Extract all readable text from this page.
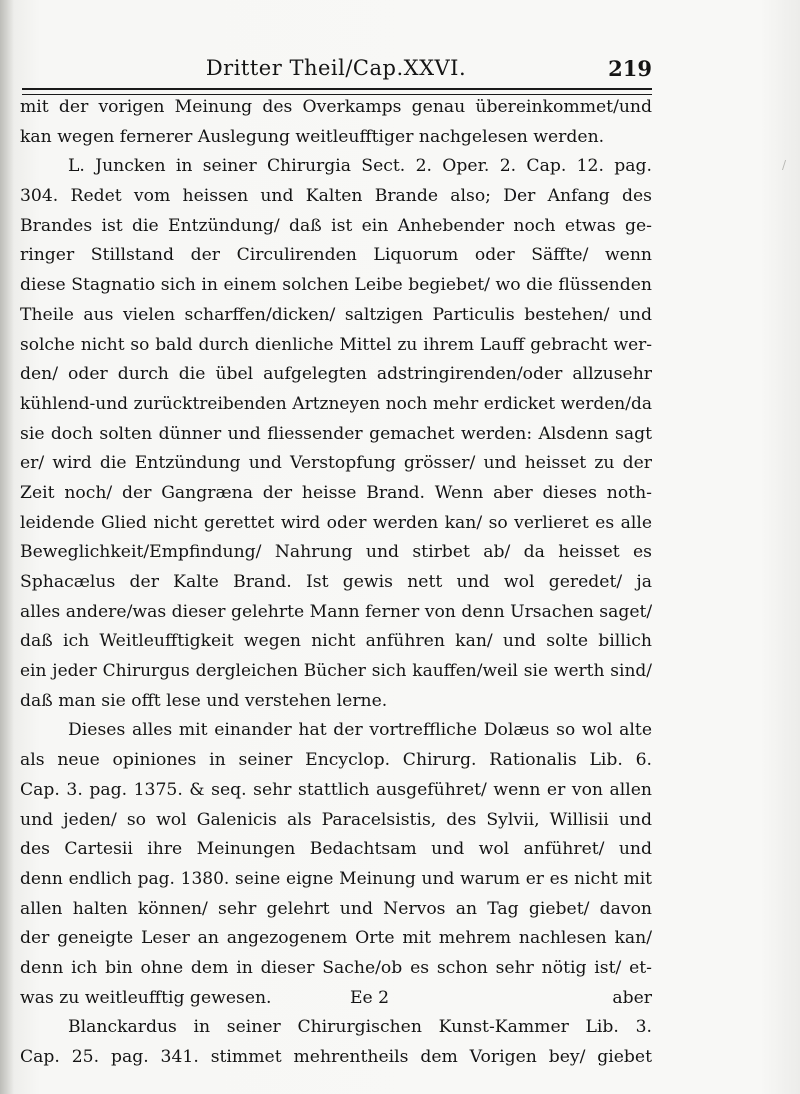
Dritter Theil/Cap.XXVI.	219
mit der vorigen Meinung des Overkamps genau übereinkommet/und
kan wegen fernerer Auslegung weitleufftiger nachgelesen werden.
L. Juncken in seiner Chirurgia Sect. 2. Oper. 2. Cap. 12. pag.
304. Redet vom heissen und Kalten Brande also; Der Anfang des
Brandes ist die Entzündung/ daß ist ein Anhebender noch etwas ge-
ringer Stillstand der Circulirenden Liquorum oder Säffte/ wenn
diese Stagnatio sich in einem solchen Leibe begiebet/ wo die flüssenden
Theile aus vielen scharffen/dicken/ saltzigen Particulis bestehen/ und
solche nicht so bald durch dienliche Mittel zu ihrem Lauff gebracht wer-
den/ oder durch die übel aufgelegten adstringirenden/oder allzusehr
kühlend-und zurücktreibenden Artzneyen noch mehr erdicket werden/da
sie doch solten dünner und fliessender gemachet werden: Alsdenn sagt
er/ wird die Entzündung und Verstopfung grösser/ und heisset zu der
Zeit noch/ der Gangræna der heisse Brand. Wenn aber dieses noth-
leidende Glied nicht gerettet wird oder werden kan/ so verlieret es alle
Beweglichkeit/Empfindung/ Nahrung und stirbet ab/ da heisset es
Sphacælus der Kalte Brand. Ist gewis nett und wol geredet/ ja
alles andere/was dieser gelehrte Mann ferner von denn Ursachen saget/
daß ich Weitleufftigkeit wegen nicht anführen kan/ und solte billich
ein jeder Chirurgus dergleichen Bücher sich kauffen/weil sie werth sind/
daß man sie offt lese und verstehen lerne.
Dieses alles mit einander hat der vortreffliche Dolæus so wol alte
als neue opiniones in seiner Encyclop. Chirurg. Rationalis Lib. 6.
Cap. 3. pag. 1375. & seq. sehr stattlich ausgeführet/ wenn er von allen
und jeden/ so wol Galenicis als Paracelsistis, des Sylvii, Willisii und
des Cartesii ihre Meinungen Bedachtsam und wol anführet/ und
denn endlich pag. 1380. seine eigne Meinung und warum er es nicht mit
allen halten können/ sehr gelehrt und Nervos an Tag giebet/ davon
der geneigte Leser an angezogenem Orte mit mehrem nachlesen kan/
denn ich bin ohne dem in dieser Sache/ob es schon sehr nötig ist/ et-
was zu weitleufftig gewesen.
Blanckardus in seiner Chirurgischen Kunst-Kammer Lib. 3.
Cap. 25. pag. 341. stimmet mehrentheils dem Vorigen bey/ giebet
Ee 2	aber
/
